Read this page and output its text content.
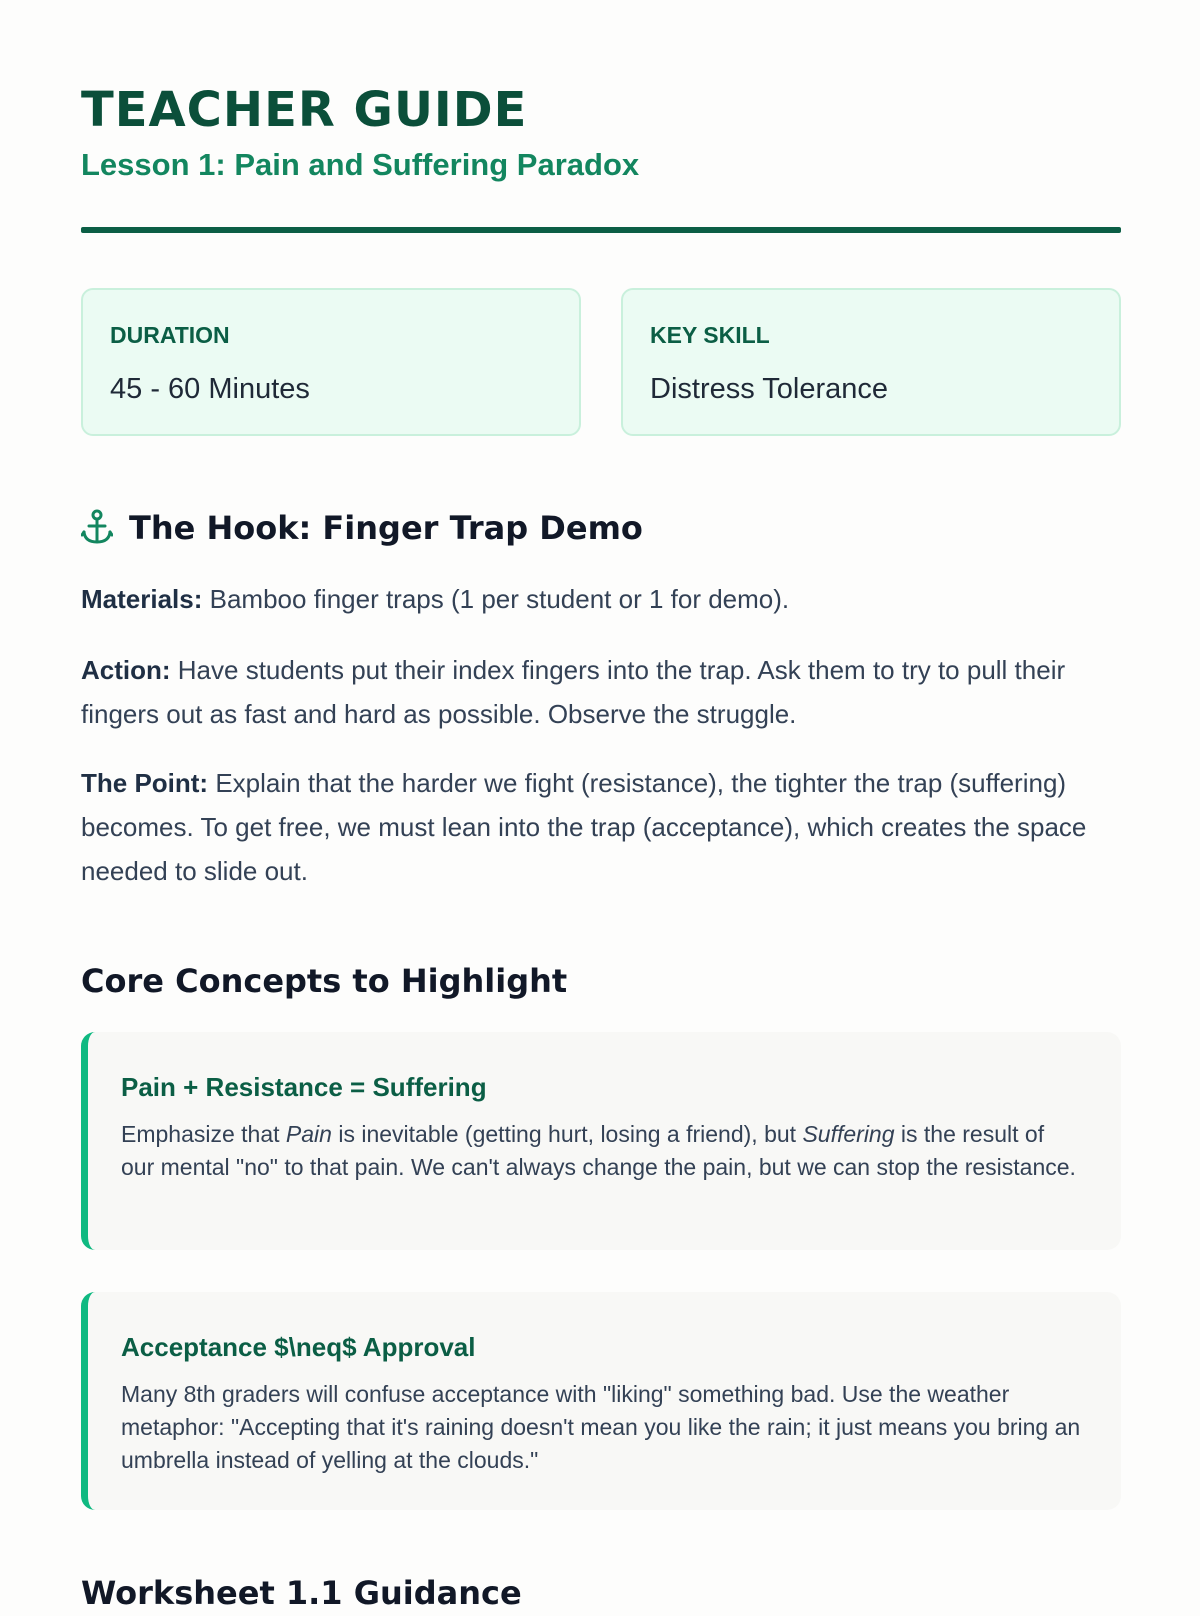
TEACHER GUIDE
Lesson 1: Pain and Suffering Paradox
DURATION
45 - 60 Minutes
KEY SKILL
Distress Tolerance
The Hook: Finger Trap Demo

Materials: Bamboo finger traps (1 per student or 1 for demo).

Action: Have students put their index fingers into the trap. Ask them to try to pull their fingers out as fast and hard as possible. Observe the struggle.

The Point: Explain that the harder we fight (resistance), the tighter the trap (suffering) becomes. To get free, we must lean into the trap (acceptance), which creates the space needed to slide out.

Core Concepts to Highlight
Pain + Resistance = Suffering

Emphasize that Pain is inevitable (getting hurt, losing a friend), but Suffering is the result of our mental "no" to that pain. We can't always change the pain, but we can stop the resistance.

Acceptance $\neq$ Approval

Many 8th graders will confuse acceptance with "liking" something bad. Use the weather metaphor: "Accepting that it's raining doesn't mean you like the rain; it just means you bring an umbrella instead of yelling at the clouds."

Worksheet 1.1 Guidance
